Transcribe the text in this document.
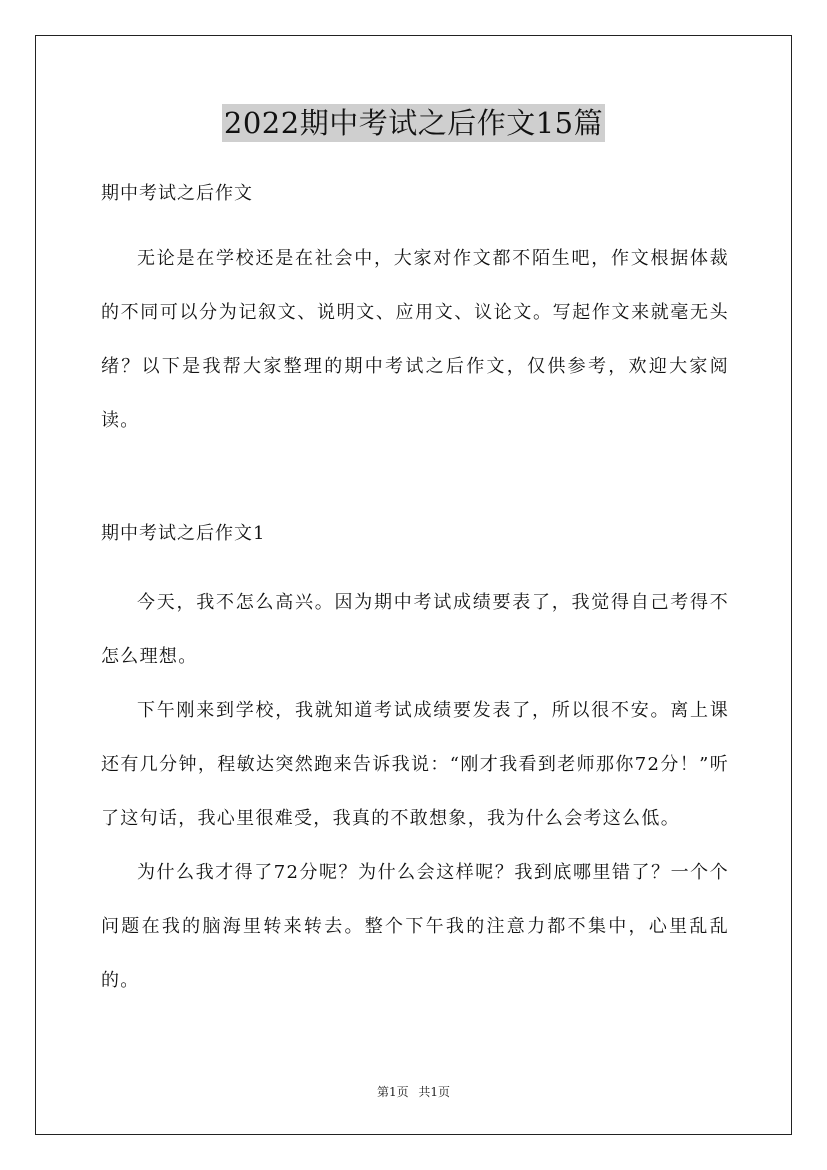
2022期中考试之后作文15篇

期中考试之后作文

无论是在学校还是在社会中，大家对作文都不陌生吧，作文根据体裁的不同可以分为记叙文、说明文、应用文、议论文。写起作文来就毫无头绪？以下是我帮大家整理的期中考试之后作文，仅供参考，欢迎大家阅读。

期中考试之后作文1

今天，我不怎么高兴。因为期中考试成绩要表了，我觉得自己考得不怎么理想。

下午刚来到学校，我就知道考试成绩要发表了，所以很不安。离上课还有几分钟，程敏达突然跑来告诉我说：“刚才我看到老师那你72分！”听了这句话，我心里很难受，我真的不敢想象，我为什么会考这么低。

为什么我才得了72分呢？为什么会这样呢？我到底哪里错了？一个个问题在我的脑海里转来转去。整个下午我的注意力都不集中，心里乱乱的。

第1页 共1页
